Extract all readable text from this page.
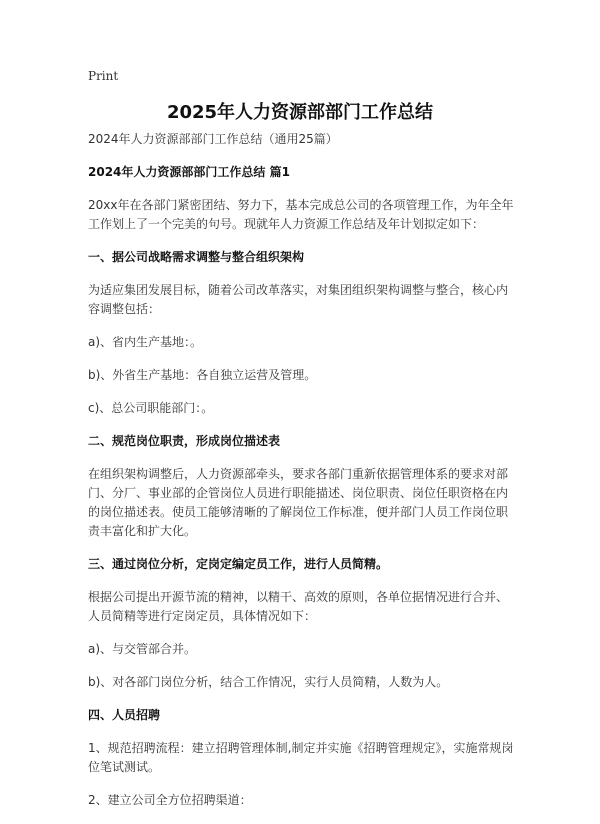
Print
2025年人力资源部部门工作总结

2024年人力资源部部门工作总结（通用25篇）

2024年人力资源部部门工作总结 篇1

20xx年在各部门紧密团结、努力下，基本完成总公司的各项管理工作，为年全年工作划上了一个完美的句号。现就年人力资源工作总结及年计划拟定如下：

一、据公司战略需求调整与整合组织架构

为适应集团发展目标，随着公司改革落实，对集团组织架构调整与整合，核心内容调整包括：

a)、省内生产基地：。

b)、外省生产基地：各自独立运营及管理。

c)、总公司职能部门：。

二、规范岗位职责，形成岗位描述表

在组织架构调整后，人力资源部牵头，要求各部门重新依据管理体系的要求对部门、分厂、事业部的企管岗位人员进行职能描述、岗位职责、岗位任职资格在内的岗位描述表。使员工能够清晰的了解岗位工作标准，便并部门人员工作岗位职责丰富化和扩大化。

三、通过岗位分析，定岗定编定员工作，进行人员简精。

根据公司提出开源节流的精神，以精干、高效的原则，各单位据情况进行合并、人员简精等进行定岗定员，具体情况如下：

a)、与交管部合并。

b)、对各部门岗位分析，结合工作情况，实行人员简精，人数为人。

四、人员招聘

1、规范招聘流程：建立招聘管理体制,制定并实施《招聘管理规定》，实施常规岗位笔试测试。

2、建立公司全方位招聘渠道：
